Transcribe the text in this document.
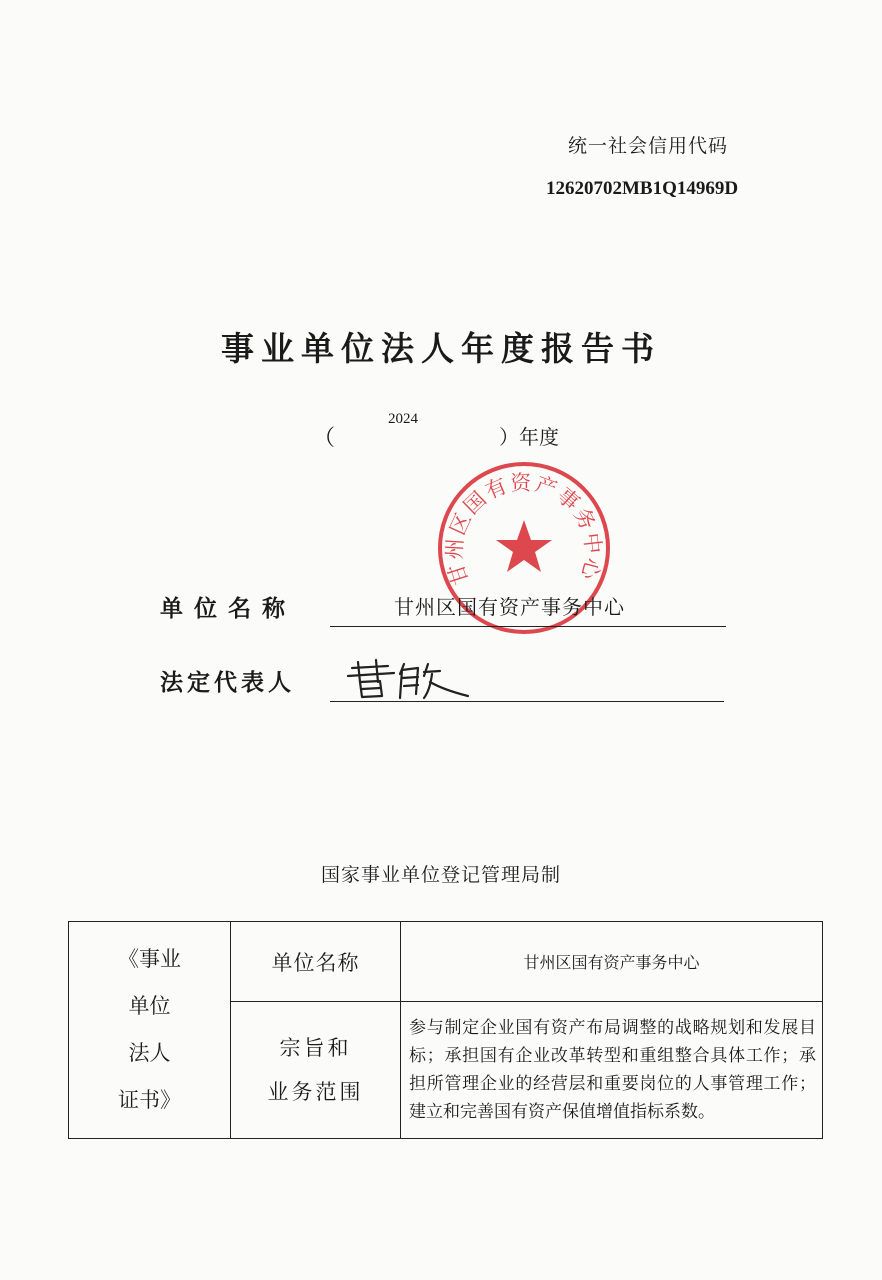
统一社会信用代码
12620702MB1Q14969D
事业单位法人年度报告书
（
2024
）年度
甘州区国有资产事务中心
单位名称	甘州区国有资产事务中心
法定代表人
国家事业单位登记管理局制
《事业
单位
法人
证书》	单位名称	甘州区国有资产事务中心

	宗旨和
业务范围	参与制定企业国有资产布局调整的战略规划和发展目标；承担国有企业改革转型和重组整合具体工作；承担所管理企业的经营层和重要岗位的人事管理工作；建立和完善国有资产保值增值指标系数。
